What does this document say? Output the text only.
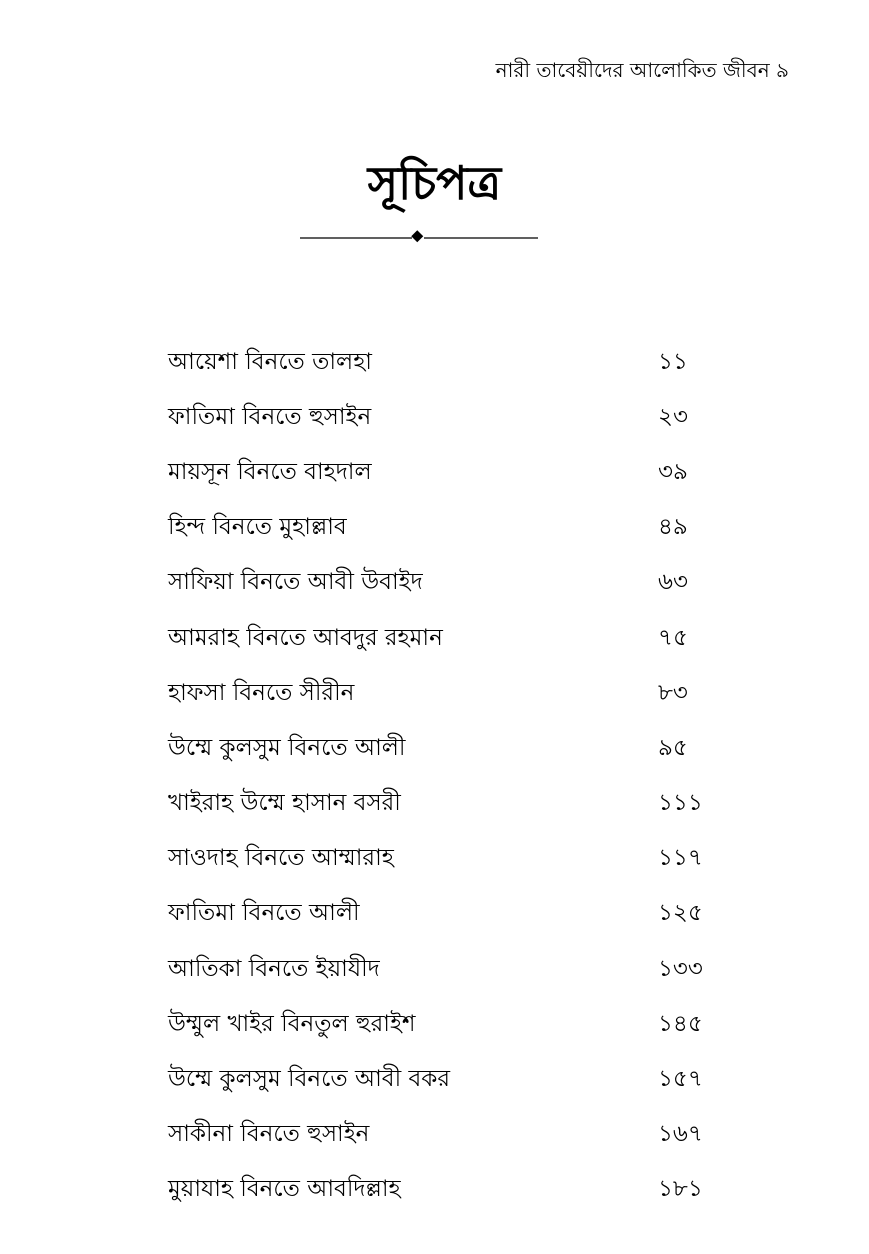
নারী তাবেয়ীদের আলোকিত জীবন ৯
সূচিপত্র
আয়েশা বিনতে তালহা	১১
ফাতিমা বিনতে হুসাইন	২৩
মায়সূন বিনতে বাহদাল	৩৯
হিন্দ বিনতে মুহাল্লাব	৪৯
সাফিয়া বিনতে আবী উবাইদ	৬৩
আমরাহ বিনতে আবদুর রহমান	৭৫
হাফসা বিনতে সীরীন	৮৩
উম্মে কুলসুম বিনতে আলী	৯৫
খাইরাহ উম্মে হাসান বসরী	১১১
সাওদাহ বিনতে আম্মারাহ	১১৭
ফাতিমা বিনতে আলী	১২৫
আতিকা বিনতে ইয়াযীদ	১৩৩
উম্মুল খাইর বিনতুল হুরাইশ	১৪৫
উম্মে কুলসুম বিনতে আবী বকর	১৫৭
সাকীনা বিনতে হুসাইন	১৬৭
মুয়াযাহ বিনতে আবদিল্লাহ	১৮১
